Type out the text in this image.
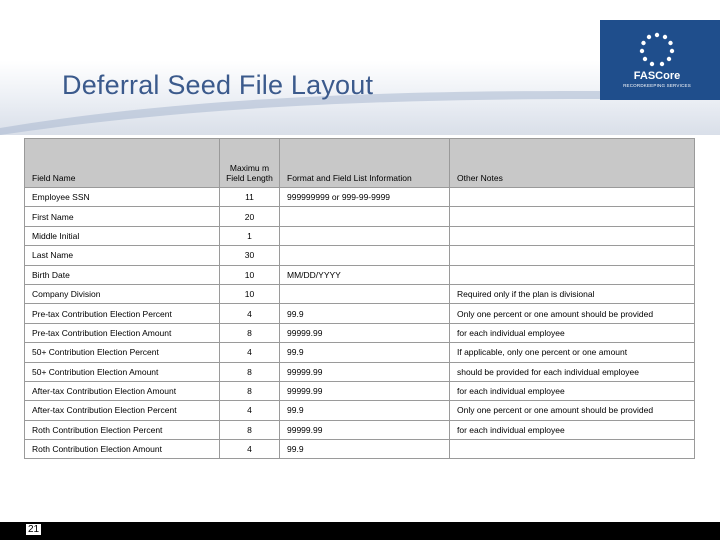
Deferral Seed File Layout	FASCore
RECORDKEEPING SERVICES
Field Name	Maximu m Field Length	Format and Field List Information	Other Notes
Employee SSN	11	999999999 or 999-99-9999	
First Name	20		
Middle Initial	1		
Last Name	30		
Birth Date	10	MM/DD/YYYY	
Company Division	10		Required only if the plan is divisional
Pre-tax Contribution Election Percent	4	99.9	Only one percent or one amount should be provided
Pre-tax Contribution Election Amount	8	99999.99	for each individual employee
50+ Contribution Election Percent	4	99.9	If applicable, only one percent or one amount
50+ Contribution Election Amount	8	99999.99	should be provided for each individual employee
After-tax Contribution Election Amount	8	99999.99	for each individual employee
After-tax Contribution Election Percent	4	99.9	Only one percent or one amount should be provided
Roth Contribution Election Percent	8	99999.99	for each individual employee
Roth Contribution Election Amount	4	99.9	
21
